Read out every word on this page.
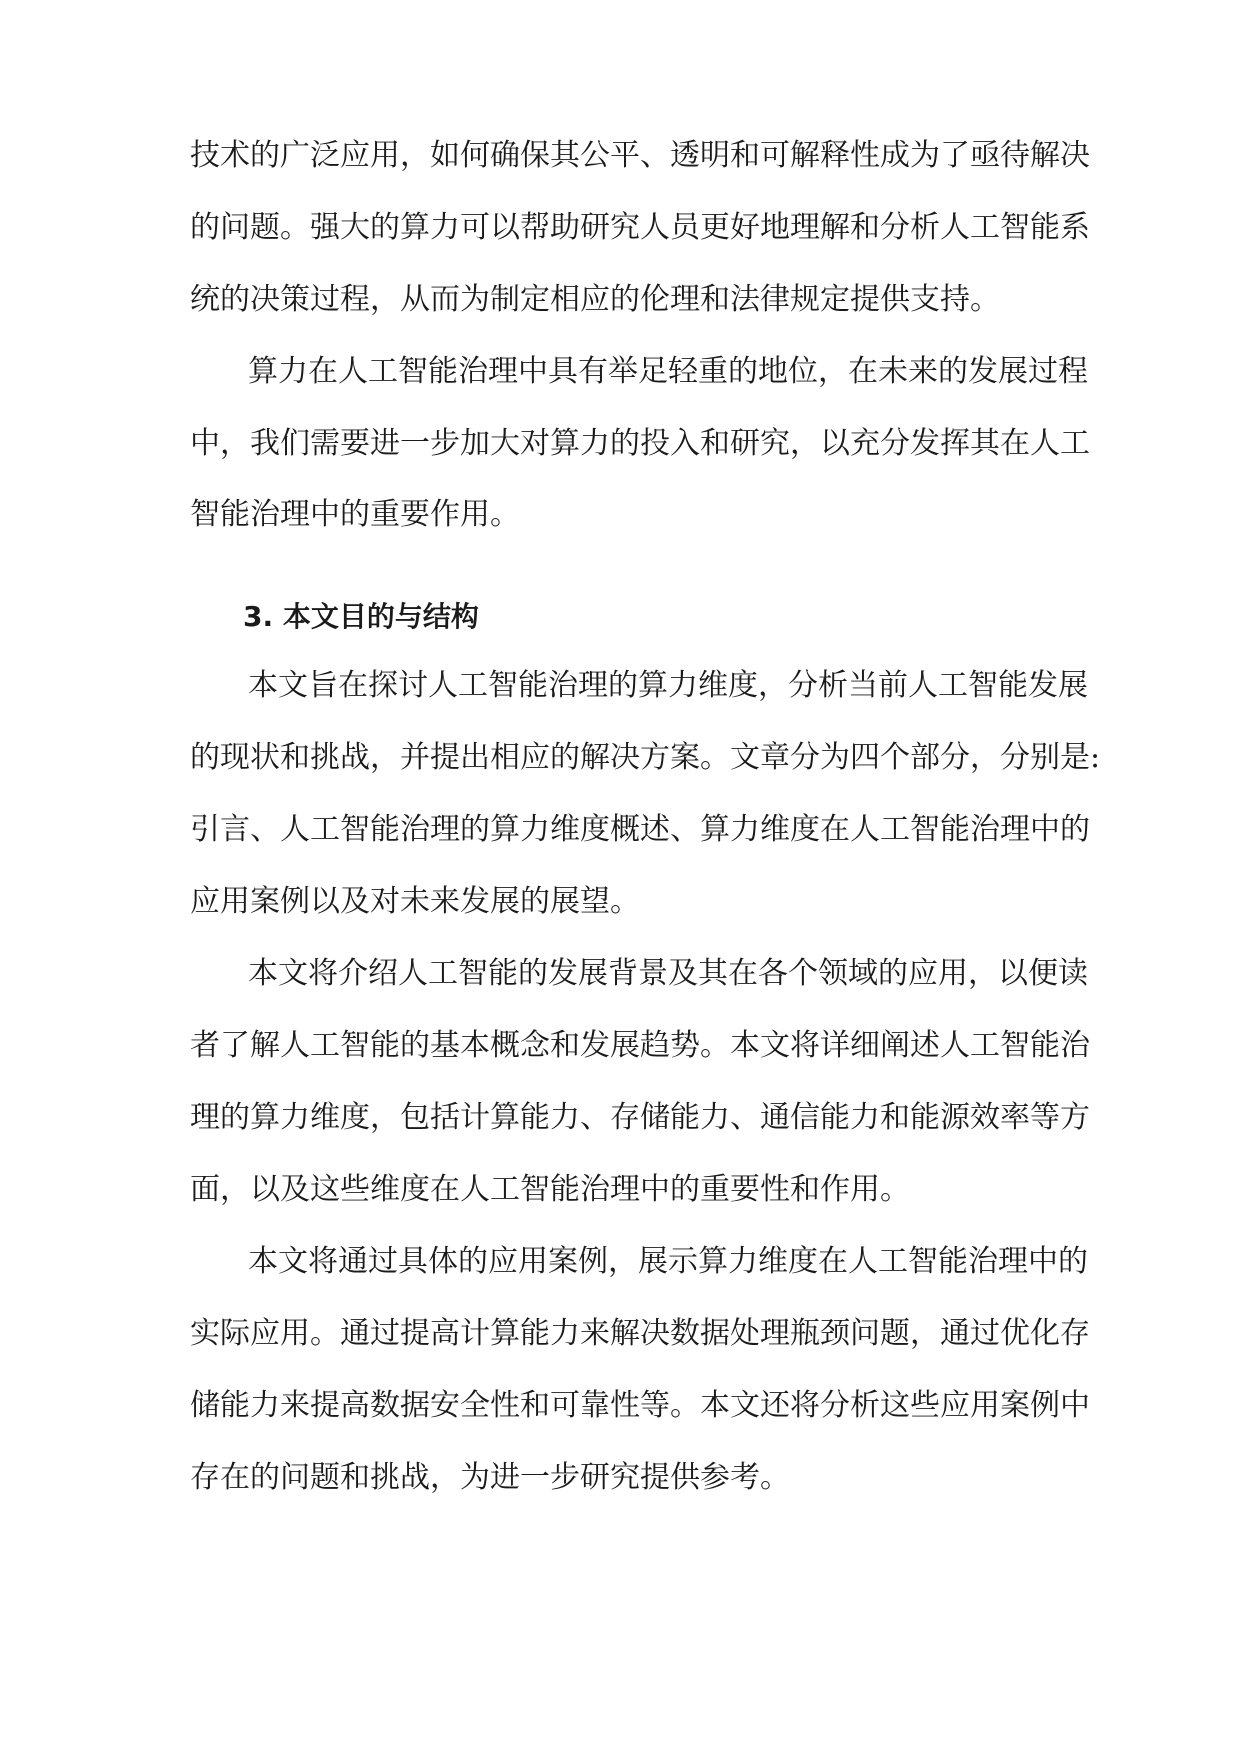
技术的广泛应用，如何确保其公平、透明和可解释性成为了亟待解决
的问题。强大的算力可以帮助研究人员更好地理解和分析人工智能系
统的决策过程，从而为制定相应的伦理和法律规定提供支持。
算力在人工智能治理中具有举足轻重的地位，在未来的发展过程
中，我们需要进一步加大对算力的投入和研究，以充分发挥其在人工
智能治理中的重要作用。
3. 本文目的与结构
本文旨在探讨人工智能治理的算力维度，分析当前人工智能发展
的现状和挑战，并提出相应的解决方案。文章分为四个部分，分别是:
引言、人工智能治理的算力维度概述、算力维度在人工智能治理中的
应用案例以及对未来发展的展望。
本文将介绍人工智能的发展背景及其在各个领域的应用，以便读
者了解人工智能的基本概念和发展趋势。本文将详细阐述人工智能治
理的算力维度，包括计算能力、存储能力、通信能力和能源效率等方
面，以及这些维度在人工智能治理中的重要性和作用。
本文将通过具体的应用案例，展示算力维度在人工智能治理中的
实际应用。通过提高计算能力来解决数据处理瓶颈问题，通过优化存
储能力来提高数据安全性和可靠性等。本文还将分析这些应用案例中
存在的问题和挑战，为进一步研究提供参考。
